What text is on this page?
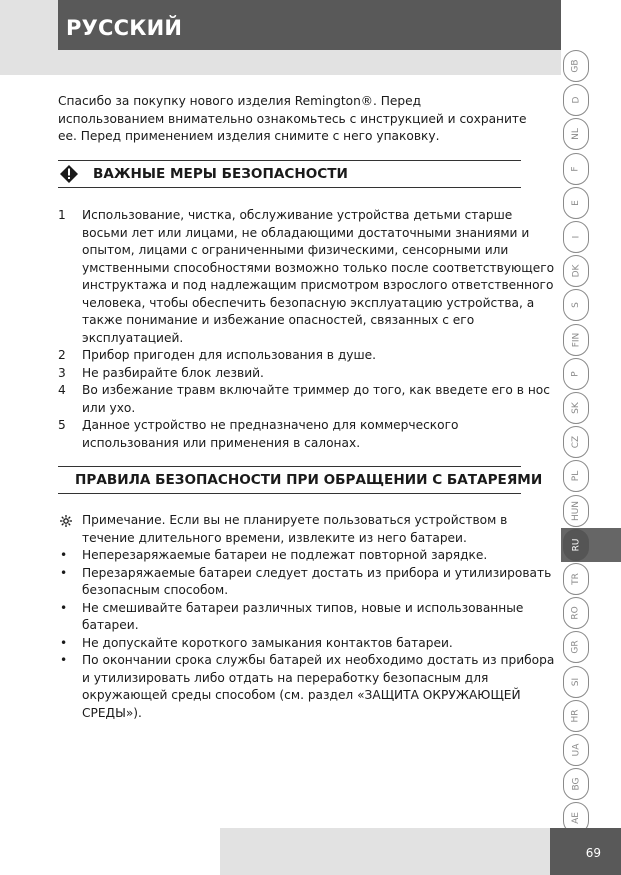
РУССКИЙ

Спасибо за покупку нового изделия Remington®. Перед использованием внимательно ознакомьтесь с инструкцией и сохраните ее. Перед применением изделия снимите с него упаковку.

ВАЖНЫЕ МЕРЫ БЕЗОПАСНОСТИ
1	Использование, чистка, обслуживание устройства детьми старше восьми лет или лицами, не обладающими достаточными знаниями и опытом, лицами с ограниченными физическими, сенсорными или умственными способностями возможно только после соответствующего инструктажа и под надлежащим присмотром взрослого ответственного человека, чтобы обеспечить безопасную эксплуатацию устройства, а также понимание и избежание опасностей, связанных с его эксплуатацией.
2	Прибор пригоден для использования в душе.
3	Не разбирайте блок лезвий.
4	Во избежание травм включайте триммер до того, как введете его в нос или ухо.
5	Данное устройство не предназначено для коммерческого использования или применения в салонах.
ПРАВИЛА БЕЗОПАСНОСТИ ПРИ ОБРАЩЕНИИ С БАТАРЕЯМИ
Примечание. Если вы не планируете пользоваться устройством в течение длительного времени, извлеките из него батареи.
•	Неперезаряжаемые батареи не подлежат повторной зарядке.
•	Перезаряжаемые батареи следует достать из прибора и утилизировать безопасным способом.
•	Не смешивайте батареи различных типов, новые и использованные батареи.
•	Не допускайте короткого замыкания контактов батареи.
•	По окончании срока службы батарей их необходимо достать из прибора и утилизировать либо отдать на переработку безопасным для окружающей среды способом (см. раздел «ЗАЩИТА ОКРУЖАЮЩЕЙ СРЕДЫ»).
GB
D
NL
F
E
I
DK
S
FIN
P
SK
CZ
PL
HUN
RU
TR
RO
GR
SI
HR
UA
BG
AE
69
